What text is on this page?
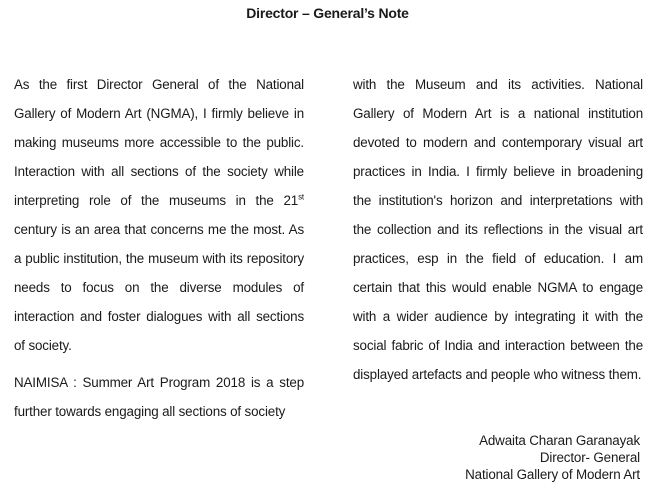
Director – General’s Note

As the first Director General of the National Gallery of Modern Art (NGMA), I firmly believe in making museums more accessible to the public. Interaction with all sections of the society while interpreting role of the museums in the 21st century is an area that concerns me the most. As a public institution, the museum with its repository needs to focus on the diverse modules of interaction and foster dialogues with all sections of society.

NAIMISA : Summer Art Program 2018 is a step further towards engaging all sections of society

with the Museum and its activities. National Gallery of Modern Art is a national institution devoted to modern and contemporary visual art practices in India. I firmly believe in broadening the institution's horizon and interpretations with the collection and its reflections in the visual art practices, esp in the field of education. I am certain that this would enable NGMA to engage with a wider audience by integrating it with the social fabric of India and interaction between the displayed artefacts and people who witness them.

Adwaita Charan Garanayak
Director- General
National Gallery of Modern Art
